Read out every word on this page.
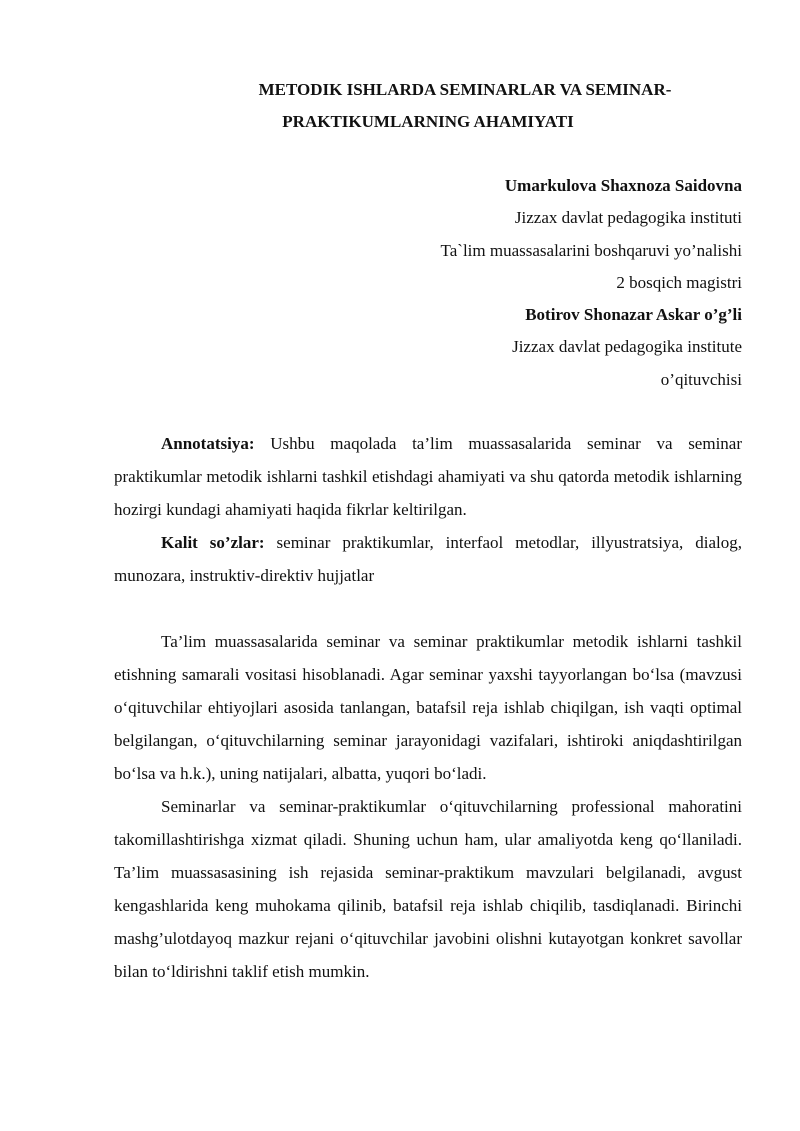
METODIK ISHLARDA SEMINARLAR VA SEMINAR-
PRAKTIKUMLARNING AHAMIYATI
Umarkulova Shaxnoza Saidovna
Jizzax davlat pedagogika instituti
Ta`lim muassasalarini boshqaruvi yo’nalishi
2 bosqich magistri
Botirov Shonazar Askar o’g’li
Jizzax davlat pedagogika institute
o’qituvchisi

Annotatsiya: Ushbu maqolada ta’lim muassasalarida seminar va seminar praktikumlar metodik ishlarni tashkil etishdagi ahamiyati va shu qatorda metodik ishlarning hozirgi kundagi ahamiyati haqida fikrlar keltirilgan.

Kalit so’zlar: seminar praktikumlar, interfaol metodlar, illyustratsiya, dialog, munozara, instruktiv-direktiv hujjatlar

Ta’lim muassasalarida seminar va seminar praktikumlar metodik ishlarni tashkil etishning samarali vositasi hisoblanadi. Agar seminar yaxshi tayyorlangan bo‘lsa (mavzusi o‘qituvchilar ehtiyojlari asosida tanlangan, batafsil reja ishlab chiqilgan, ish vaqti optimal belgilangan, o‘qituvchilarning seminar jarayonidagi vazifalari, ishtiroki aniqdashtirilgan bo‘lsa va h.k.), uning natijalari, albatta, yuqori bo‘ladi.

Seminarlar va seminar-praktikumlar o‘qituvchilarning professional mahoratini takomillashtirishga xizmat qiladi. Shuning uchun ham, ular amaliyotda keng qo‘llaniladi. Ta’lim muassasasining ish rejasida seminar-praktikum mavzulari belgilanadi, avgust kengashlarida keng muhokama qilinib, batafsil reja ishlab chiqilib, tasdiqlanadi. Birinchi mashg’ulotdayoq mazkur rejani o‘qituvchilar javobini olishni kutayotgan konkret savollar bilan to‘ldirishni taklif etish mumkin.
